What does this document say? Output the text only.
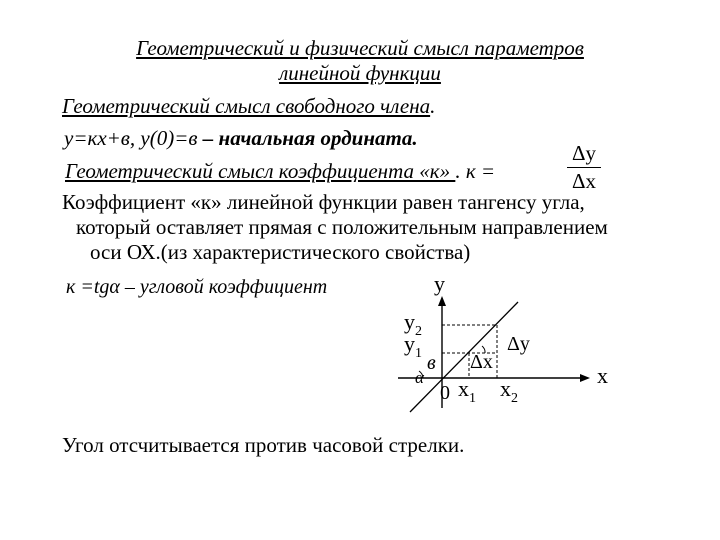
Геометрический и физический смысл параметров
линейной функции
Геометрический смысл свободного члена.
у=кх+в, у(0)=в – начальная ордината.
Геометрический смысл коэффициента «к» . к =
Δy
Δx
Коэффициент «к» линейной функции равен тангенсу угла,
который оставляет прямая с положительным направлением
оси ОХ.(из характеристического свойства)
к =tgα – угловой коэффициент	у
х
$у_2$
$у_1$ в
α
0 $х_1$ $х_2$
Δx
Δy
Угол отсчитывается против часовой стрелки.
